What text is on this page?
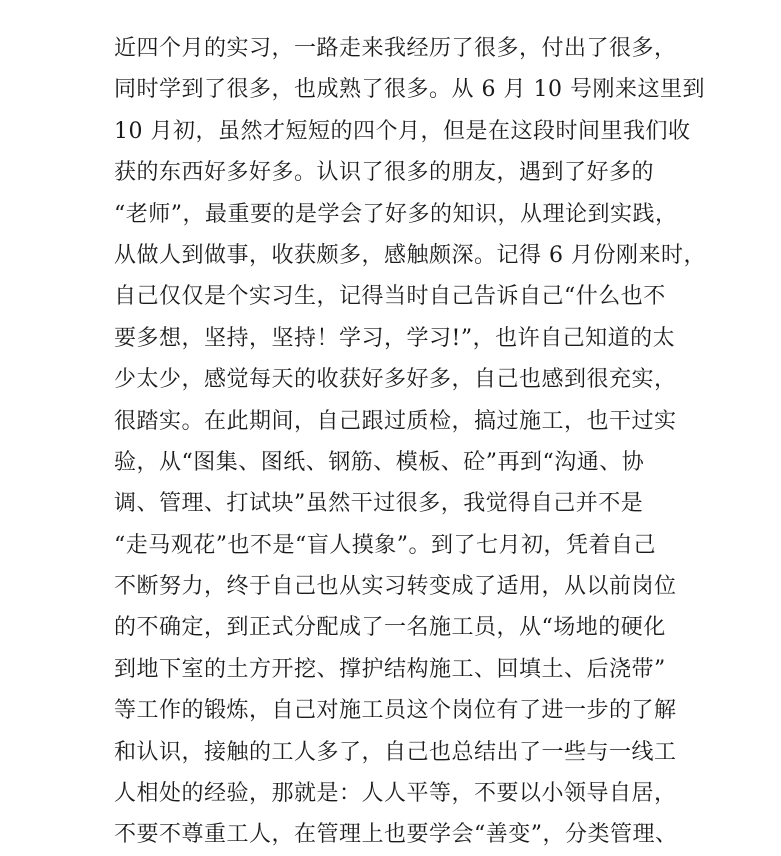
近四个月的实习，一路走来我经历了很多，付出了很多，
同时学到了很多，也成熟了很多。从 6 月 10 号刚来这里到
10 月初，虽然才短短的四个月，但是在这段时间里我们收
获的东西好多好多。认识了很多的朋友，遇到了好多的
“老师”，最重要的是学会了好多的知识，从理论到实践，
从做人到做事，收获颇多，感触颇深。记得 6 月份刚来时，
自己仅仅是个实习生，记得当时自己告诉自己“什么也不
要多想，坚持，坚持！学习，学习!”，也许自己知道的太
少太少，感觉每天的收获好多好多，自己也感到很充实，
很踏实。在此期间，自己跟过质检，搞过施工，也干过实
验，从“图集、图纸、钢筋、模板、砼”再到“沟通、协
调、管理、打试块”虽然干过很多，我觉得自己并不是
“走马观花”也不是“盲人摸象”。到了七月初，凭着自己
不断努力，终于自己也从实习转变成了适用，从以前岗位
的不确定，到正式分配成了一名施工员，从“场地的硬化
到地下室的土方开挖、撑护结构施工、回填土、后浇带”
等工作的锻炼，自己对施工员这个岗位有了进一步的了解
和认识，接触的工人多了，自己也总结出了一些与一线工
人相处的经验，那就是：人人平等，不要以小领导自居，
不要不尊重工人，在管理上也要学会“善变”，分类管理、
